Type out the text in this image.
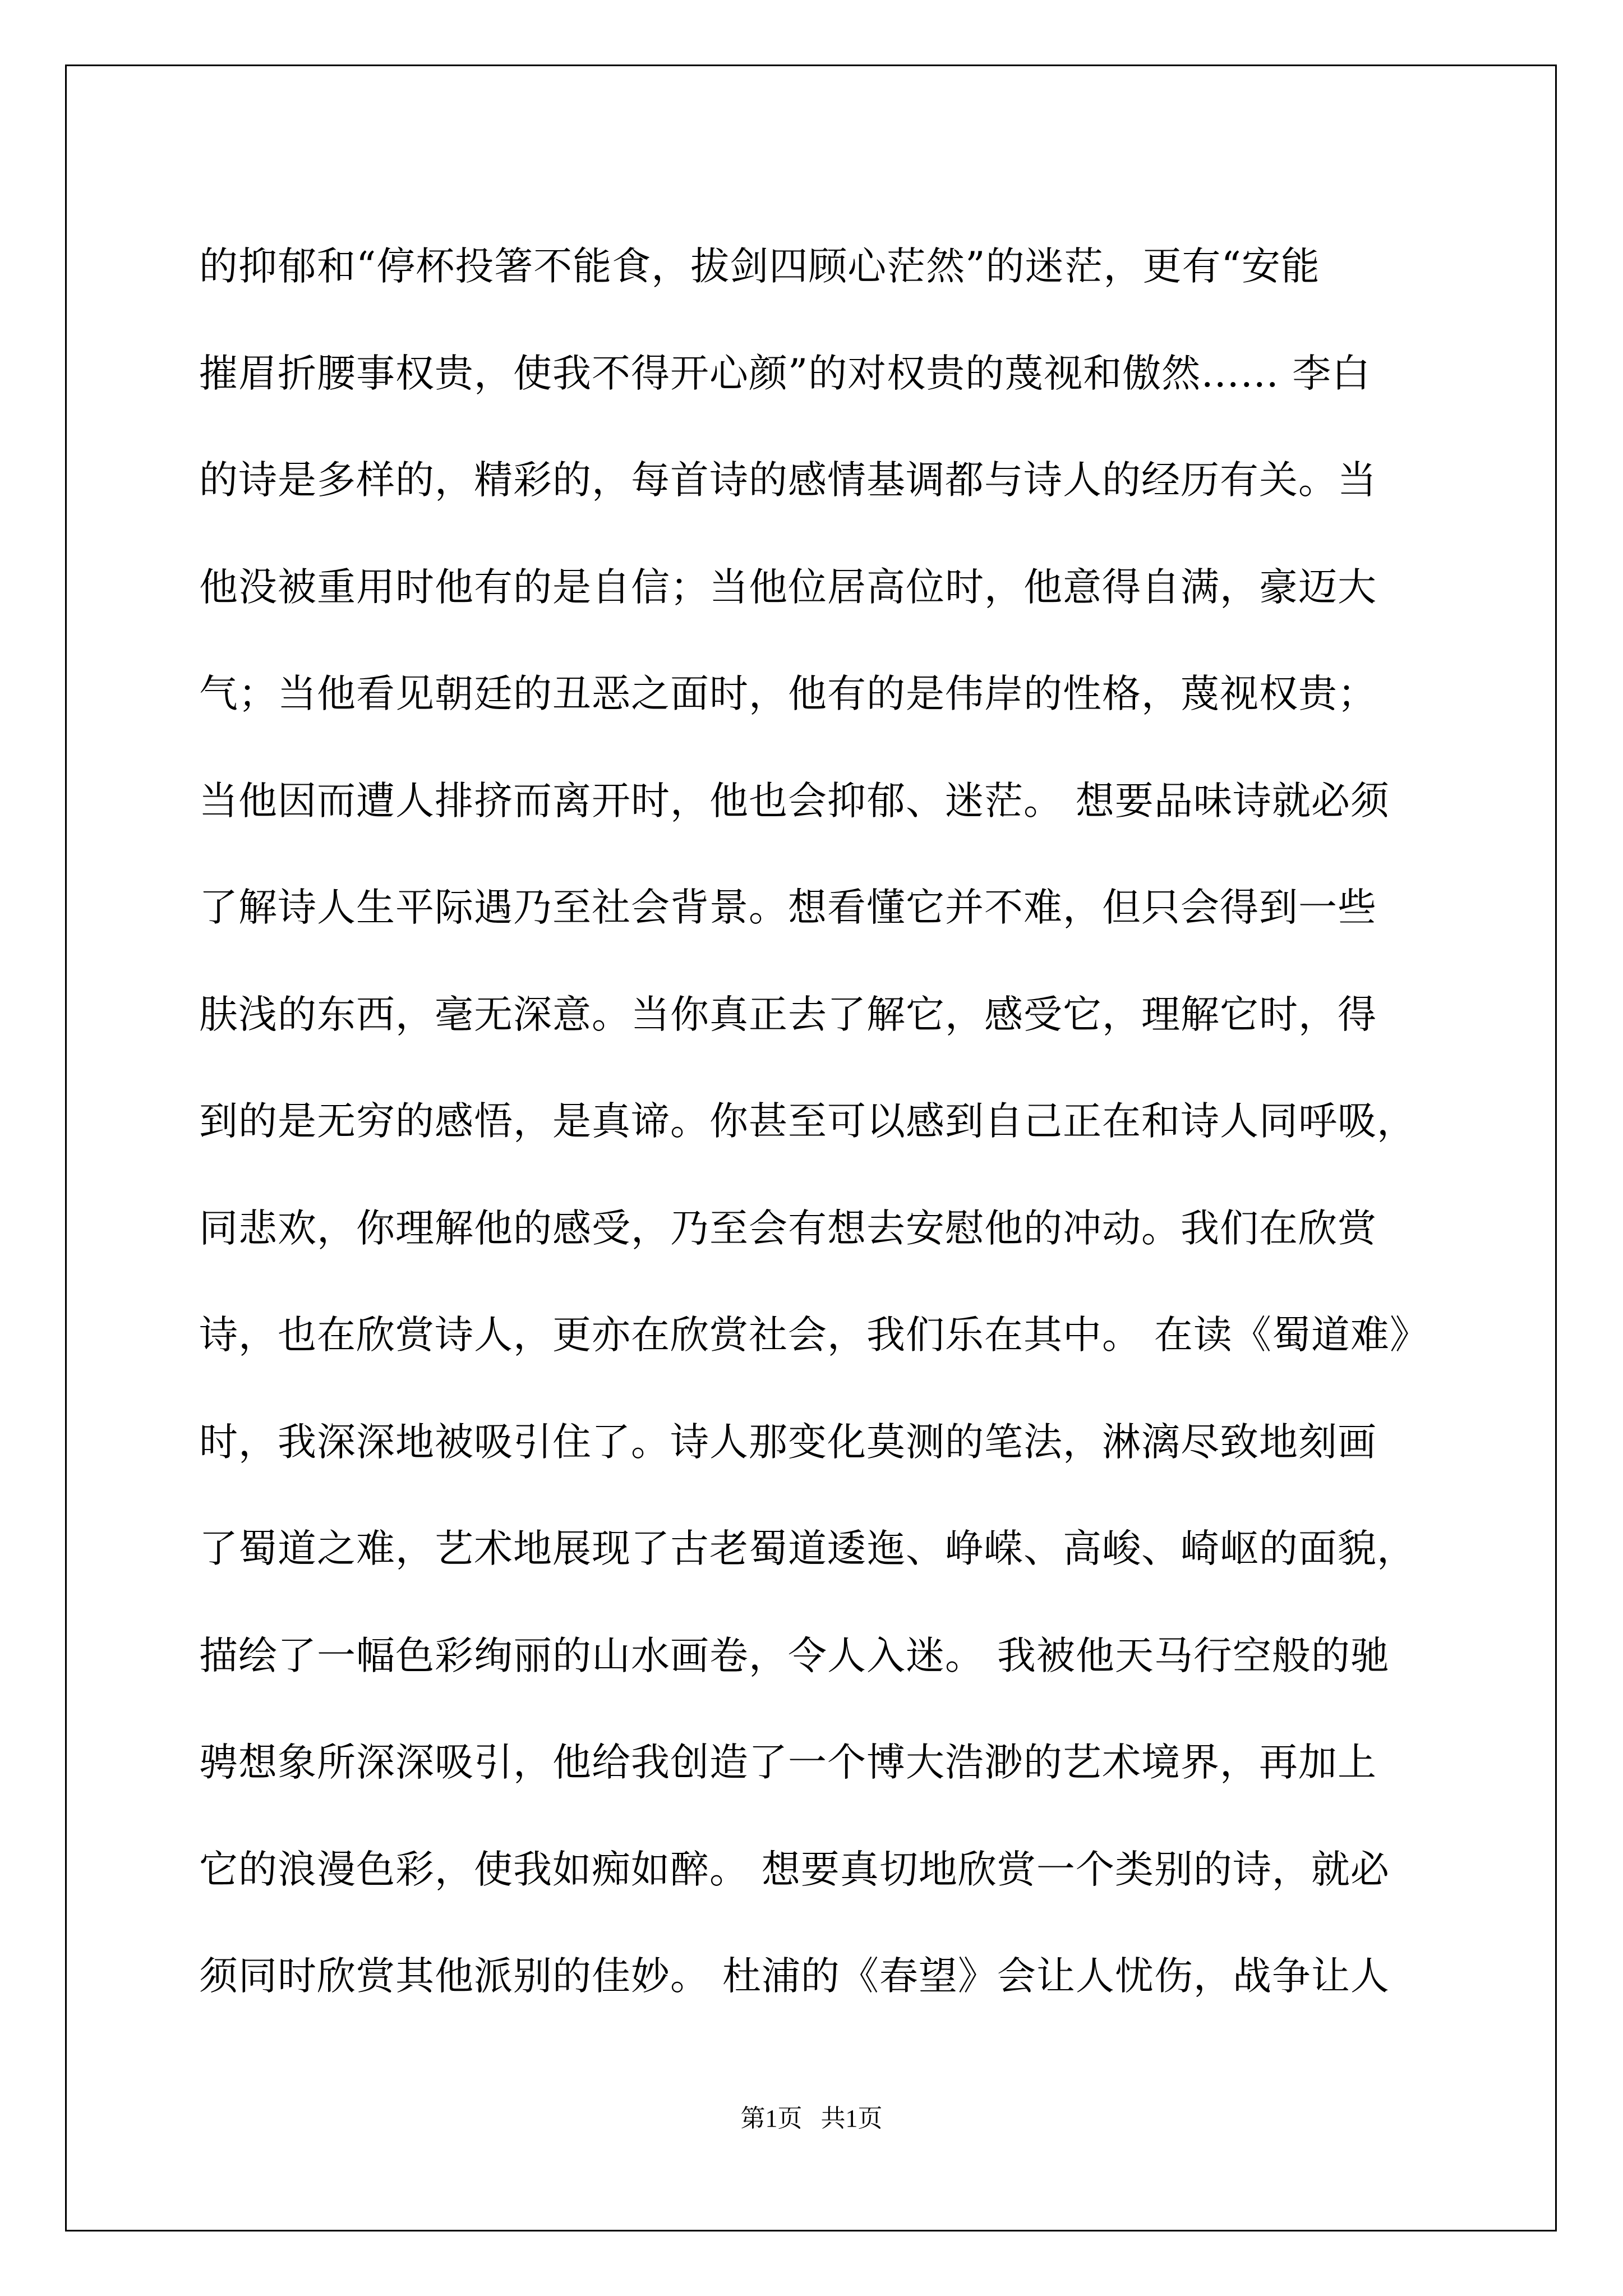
的抑郁和“停杯投箸不能食，拔剑四顾心茫然”的迷茫，更有“安能
摧眉折腰事权贵，使我不得开心颜”的对权贵的蔑视和傲然…… 李白
的诗是多样的，精彩的，每首诗的感情基调都与诗人的经历有关。当
他没被重用时他有的是自信；当他位居高位时，他意得自满，豪迈大
气；当他看见朝廷的丑恶之面时，他有的是伟岸的性格，蔑视权贵；
当他因而遭人排挤而离开时，他也会抑郁、迷茫。 想要品味诗就必须
了解诗人生平际遇乃至社会背景。想看懂它并不难，但只会得到一些
肤浅的东西，毫无深意。当你真正去了解它，感受它，理解它时，得
到的是无穷的感悟，是真谛。你甚至可以感到自己正在和诗人同呼吸，
同悲欢，你理解他的感受，乃至会有想去安慰他的冲动。我们在欣赏
诗，也在欣赏诗人，更亦在欣赏社会，我们乐在其中。 在读《蜀道难》
时，我深深地被吸引住了。诗人那变化莫测的笔法，淋漓尽致地刻画
了蜀道之难，艺术地展现了古老蜀道逶迤、峥嵘、高峻、崎岖的面貌，
描绘了一幅色彩绚丽的山水画卷，令人入迷。 我被他天马行空般的驰
骋想象所深深吸引，他给我创造了一个博大浩渺的艺术境界，再加上
它的浪漫色彩，使我如痴如醉。 想要真切地欣赏一个类别的诗，就必
须同时欣赏其他派别的佳妙。 杜浦的《春望》会让人忧伤，战争让人
第1页   共1页
